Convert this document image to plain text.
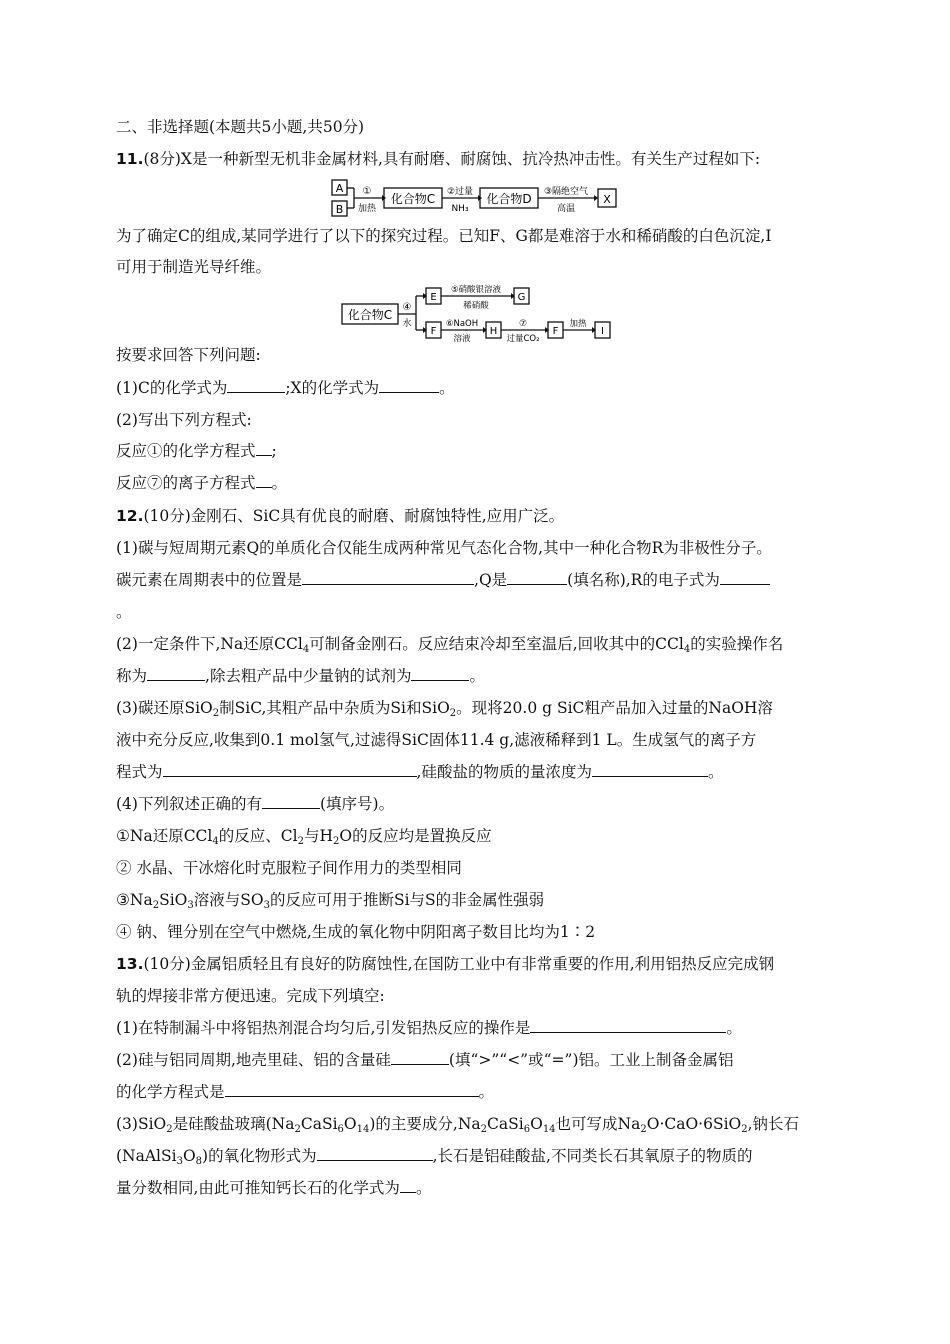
二、非选择题(本题共5小题,共50分)
11.(8分)X是一种新型无机非金属材料,具有耐磨、耐腐蚀、抗冷热冲击性。有关生产过程如下:
A
B
①
加热
化合物C ②过量
NH₃
化合物D ③隔绝空气
高温
X
为了确定C的组成,某同学进行了以下的探究过程。已知F、G都是难溶于水和稀硝酸的白色沉淀,I
可用于制造光导纤维。
化合物C
④
水
E
⑤硝酸银溶液
稀硝酸
G
F
⑥NaOH
溶液
H
⑦
过量CO₂
F
加热
I
按要求回答下列问题:
(1)C的化学式为	;X的化学式为	。
(2)写出下列方程式:
反应①的化学方程式 ;
反应⑦的离子方程式 。
12.(10分)金刚石、SiC具有优良的耐磨、耐腐蚀特性,应用广泛。
(1)碳与短周期元素Q的单质化合仅能生成两种常见气态化合物,其中一种化合物R为非极性分子。
碳元素在周期表中的位置是	,Q是	(填名称),R的电子式为
。
(2)一定条件下,Na还原CCl$_4$可制备金刚石。反应结束冷却至室温后,回收其中的CCl$_4$的实验操作名
称为	,除去粗产品中少量钠的试剂为	。
(3)碳还原SiO$_2$制SiC,其粗产品中杂质为Si和SiO$_2$。现将20.0 g SiC粗产品加入过量的NaOH溶
液中充分反应,收集到0.1 mol氢气,过滤得SiC固体11.4 g,滤液稀释到1 L。生成氢气的离子方
程式为	,硅酸盐的物质的量浓度为	。
(4)下列叙述正确的有	(填序号)。
①Na还原CCl$_4$的反应、$Cl_2$与$H_2O$的反应均是置换反应
② 水晶、干冰熔化时克服粒子间作用力的类型相同
$③Na_2SiO_3$溶液与$SO_3$的反应可用于推断Si与S的非金属性强弱
④ 钠、锂分别在空气中燃烧,生成的氧化物中阴阳离子数目比均为1∶2
13.(10分)金属铝质轻且有良好的防腐蚀性,在国防工业中有非常重要的作用,利用铝热反应完成钢
轨的焊接非常方便迅速。完成下列填空:
(1)在特制漏斗中将铝热剂混合均匀后,引发铝热反应的操作是	。
(2)硅与铝同周期,地壳里硅、铝的含量硅	(填“>”“<”或“=”)铝。工业上制备金属铝
的化学方程式是	。
(3)SiO$_2$是硅酸盐玻璃$(Na_2CaSi_6O_{14})$的主要成分$,Na_2CaSi_6O_{14}$也可写成$Na_2O\cdot CaO\cdot 6SiO_2$,钠长石
$(NaAlSi_3O_8)$的氧化物形式为	,长石是铝硅酸盐,不同类长石其氧原子的物质的
量分数相同,由此可推知钙长石的化学式为 。
